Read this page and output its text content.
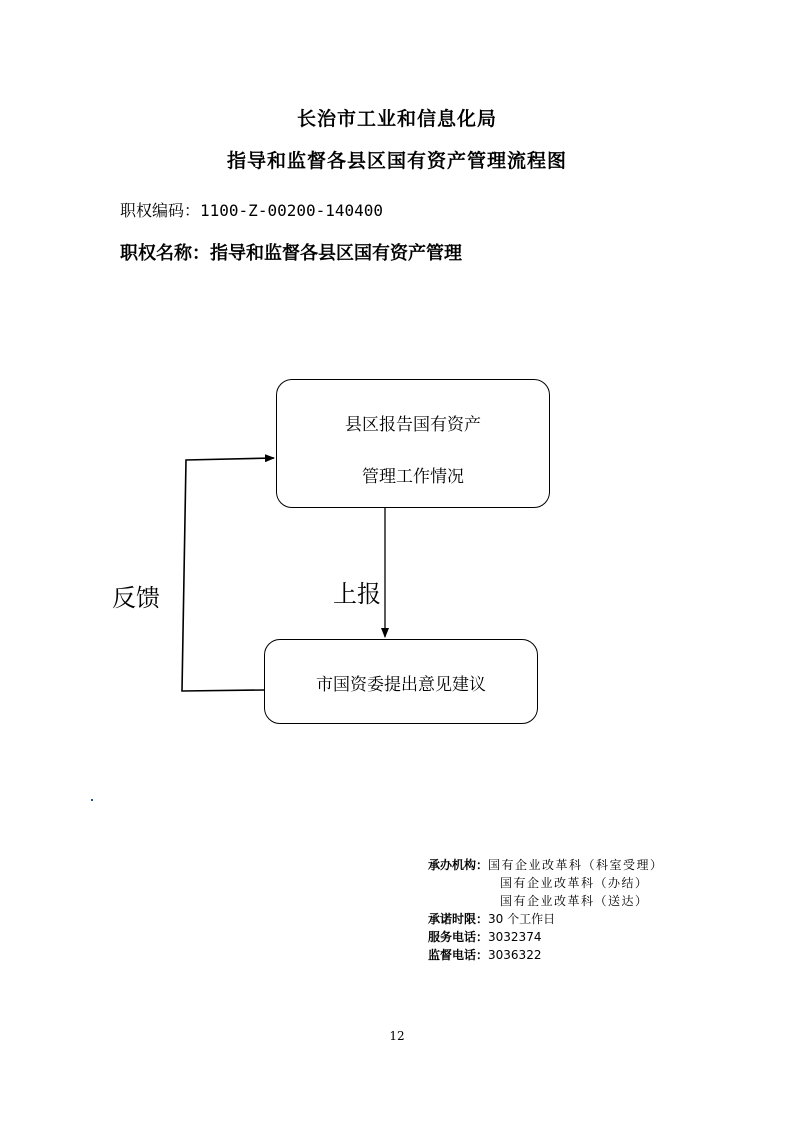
长治市工业和信息化局
指导和监督各县区国有资产管理流程图
职权编码：1100-Z-00200-140400
职权名称：指导和监督各县区国有资产管理
县区报告国有资产
管理工作情况
市国资委提出意见建议
上报
反馈
承办机构：国有企业改革科（科室受理）
国有企业改革科（办结）
国有企业改革科（送达）
承诺时限：30 个工作日
服务电话：3032374
监督电话：3036322
12
